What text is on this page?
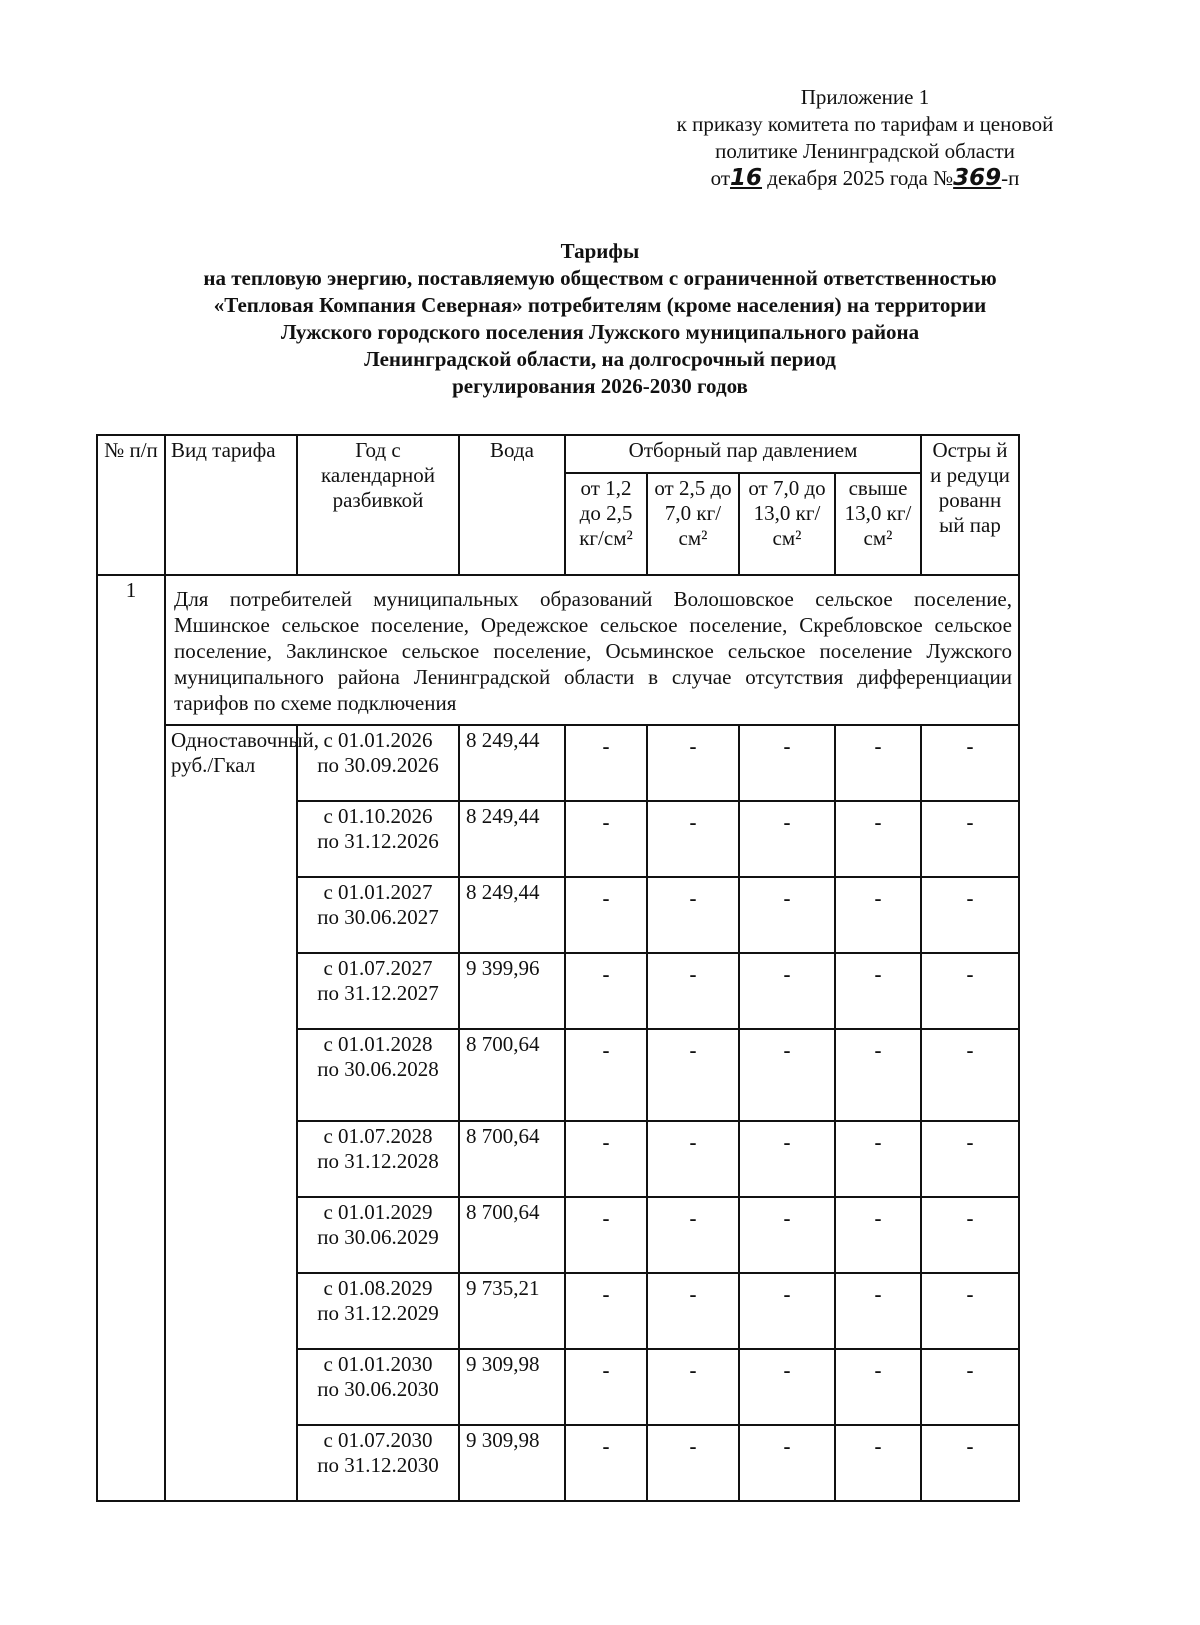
Приложение 1
к приказу комитета по тарифам и ценовой
политике Ленинградской области
от16 декабря 2025 года №369-п
Тарифы
на тепловую энергию, поставляемую обществом с ограниченной ответственностью
«Тепловая Компания Северная» потребителям (кроме населения) на территории
Лужского городского поселения Лужского муниципального района
Ленинградской области, на долгосрочный период
регулирования 2026-2030 годов
№ п/п	Вид тарифа	Год с календарной разбивкой	Вода	Отборный пар давлением				Остры й и редуци рованн ый пар
				от 1,2 до 2,5 кг/см²	от 2,5 до 7,0 кг/см²	от 7,0 до 13,0 кг/см²	свыше 13,0 кг/см²	
1	Для потребителей муниципальных образований Волошовское сельское поселение, Мшинское сельское поселение, Оредежское сельское поселение, Скребловское сельское поселение, Заклинское сельское поселение, Осьминское сельское поселение Лужского муниципального района Ленинградской области в случае отсутствия дифференциации тарифов по схеме подключения							
	Одноставочный, руб./Гкал	с 01.01.2026
по 30.09.2026	8 249,44	-	-	-	-	-

		с 01.10.2026
по 31.12.2026	8 249,44	-	-	-	-	-

		с 01.01.2027
по 30.06.2027	8 249,44	-	-	-	-	-

		с 01.07.2027
по 31.12.2027	9 399,96	-	-	-	-	-

		с 01.01.2028
по 30.06.2028	8 700,64	-	-	-	-	-

		с 01.07.2028
по 31.12.2028	8 700,64	-	-	-	-	-

		с 01.01.2029
по 30.06.2029	8 700,64	-	-	-	-	-

		с 01.08.2029
по 31.12.2029	9 735,21	-	-	-	-	-

		с 01.01.2030
по 30.06.2030	9 309,98	-	-	-	-	-

		с 01.07.2030
по 31.12.2030	9 309,98	-	-	-	-	-
